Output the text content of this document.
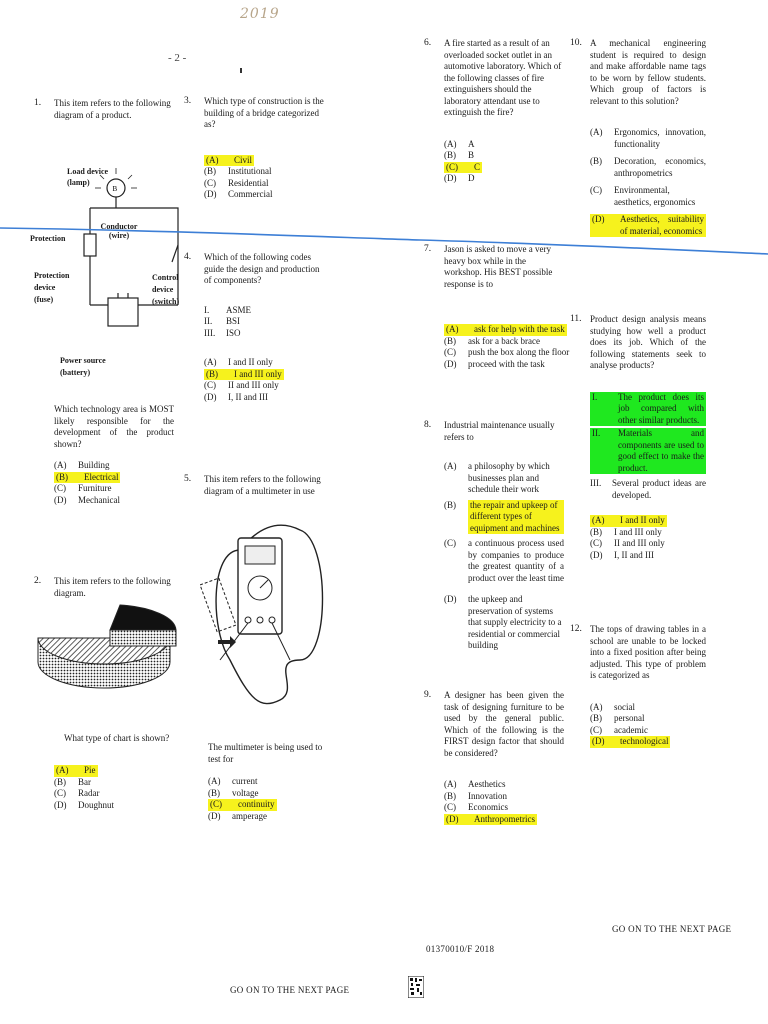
2019
- 2 -
1. This item refers to the following diagram of a product.
B
Load device (lamp)
Conductor (wire)
Protection
Protection device (fuse)
Control device (switch)
Power source (battery)
Which technology area is MOST likely responsible for the development of the product shown?
(A)	Building
(B)	Electrical
(C)	Furniture
(D)	Mechanical
2. This item refers to the following diagram.
What type of chart is shown?
(A)	Pie
(B)	Bar
(C)	Radar
(D)	Doughnut
3. Which type of construction is the building of a bridge categorized as?
(A)	Civil
(B)	Institutional
(C)	Residential
(D)	Commercial
4. Which of the following codes guide the design and production of components?
I.	ASME
II.	BSI
III.	ISO
(A)	I and II only
(B)	I and III only
(C)	II and III only
(D)	I, II and III
5. This item refers to the following diagram of a multimeter in use
The multimeter is being used to test for
(A)	current
(B)	voltage
(C)	continuity
(D)	amperage
6. A fire started as a result of an overloaded socket outlet in an automotive laboratory. Which of the following classes of fire extinguishers should the laboratory attendant use to extinguish the fire?
(A)	A
(B)	B
(C)	C
(D)	D
7. Jason is asked to move a very heavy box while in the workshop. His BEST possible response is to
(A)	ask for help with the task
(B)	ask for a back brace
(C)	push the box along the floor
(D)	proceed with the task
8. Industrial maintenance usually refers to
(A)	a philosophy by which businesses plan and schedule their work
(B)	the repair and upkeep of different types of equipment and machines
(C)	a continuous process used by companies to produce the greatest quantity of a product over the least time
(D)	the upkeep and preservation of systems that supply electricity to a residential or commercial building
9. A designer has been given the task of designing furniture to be used by the general public. Which of the following is the FIRST design factor that should be considered?
(A)	Aesthetics
(B)	Innovation
(C)	Economics
(D)	Anthropometrics
10. A mechanical engineering student is required to design and make affordable name tags to be worn by fellow students. Which group of factors is relevant to this solution?
(A)	Ergonomics, innovation, functionality
(B)	Decoration, economics, anthropometrics
(C)	Environmental, aesthetics, ergonomics
(D)	Aesthetics, suitability of material, economics
11. Product design analysis means studying how well a product does its job. Which of the following statements seek to analyse products?
I.	The product does its job compared with other similar products.
II.	Materials and components are used to good effect to make the product.
III.	Several product ideas are developed.
(A)	I and II only
(B)	I and III only
(C)	II and III only
(D)	I, II and III
12. The tops of drawing tables in a school are unable to be locked into a fixed position after being adjusted. This type of problem is categorized as
(A)	social
(B)	personal
(C)	academic
(D)	technological
GO ON TO THE NEXT PAGE
01370010/F 2018
GO ON TO THE NEXT PAGE
